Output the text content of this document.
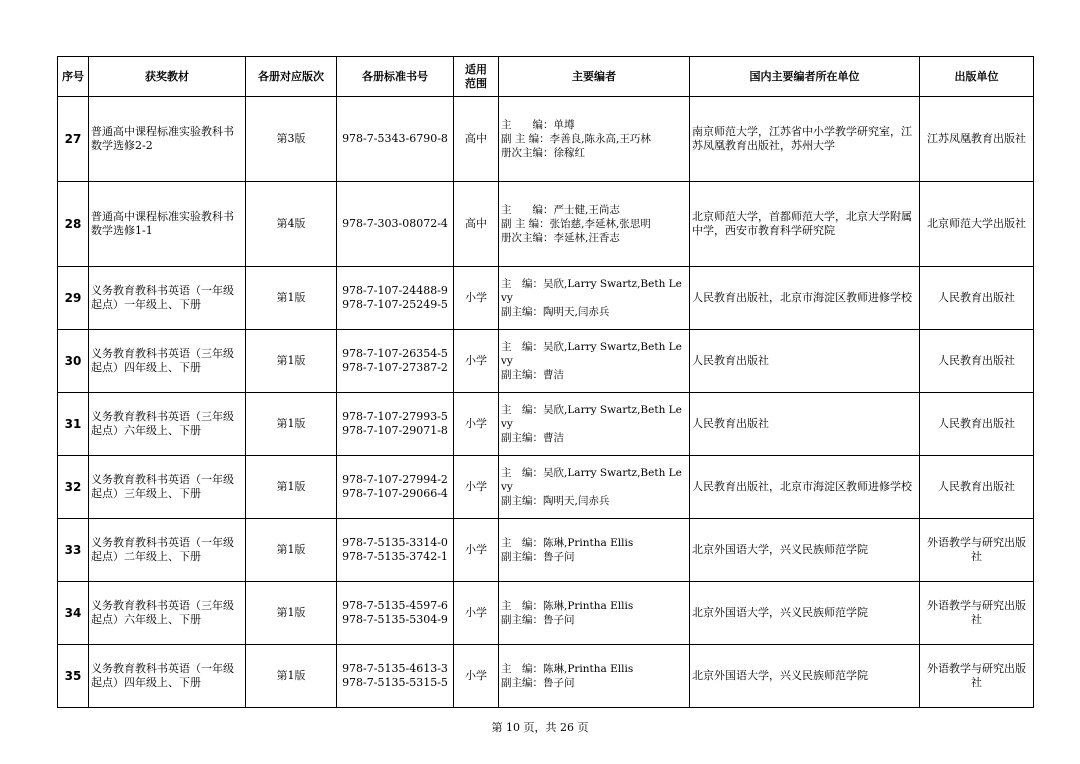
序号	获奖教材	各册对应版次	各册标准书号	适用范围	主要编者	国内主要编者所在单位	出版单位
27	普通高中课程标准实验教科书数学选修2-2	第3版	978-7-5343-6790-8	高中	主　　编：单墫
副 主 编：李善良,陈永高,王巧林
册次主编：徐稼红	南京师范大学，江苏省中小学教学研究室，江苏凤凰教育出版社，苏州大学	江苏凤凰教育出版社
28	普通高中课程标准实验教科书数学选修1-1	第4版	978-7-303-08072-4	高中	主　　编：严士健,王尚志
副 主 编：张饴慈,李延林,张思明
册次主编：李延林,汪香志	北京师范大学，首都师范大学，北京大学附属中学，西安市教育科学研究院	北京师范大学出版社
29	义务教育教科书英语（一年级起点）一年级上、下册	第1版	978-7-107-24488-9
978-7-107-25249-5	小学	主　编：吴欣,Larry Swartz,Beth Levy
副主编：陶明天,闫赤兵	人民教育出版社，北京市海淀区教师进修学校	人民教育出版社
30	义务教育教科书英语（三年级起点）四年级上、下册	第1版	978-7-107-26354-5
978-7-107-27387-2	小学	主　编：吴欣,Larry Swartz,Beth Levy
副主编：曹洁	人民教育出版社	人民教育出版社
31	义务教育教科书英语（三年级起点）六年级上、下册	第1版	978-7-107-27993-5
978-7-107-29071-8	小学	主　编：吴欣,Larry Swartz,Beth Levy
副主编：曹洁	人民教育出版社	人民教育出版社
32	义务教育教科书英语（一年级起点）三年级上、下册	第1版	978-7-107-27994-2
978-7-107-29066-4	小学	主　编：吴欣,Larry Swartz,Beth Levy
副主编：陶明天,闫赤兵	人民教育出版社，北京市海淀区教师进修学校	人民教育出版社
33	义务教育教科书英语（一年级起点）二年级上、下册	第1版	978-7-5135-3314-0
978-7-5135-3742-1	小学	主　编：陈琳,Printha Ellis
副主编：鲁子问	北京外国语大学，兴义民族师范学院	外语教学与研究出版社
34	义务教育教科书英语（三年级起点）六年级上、下册	第1版	978-7-5135-4597-6
978-7-5135-5304-9	小学	主　编：陈琳,Printha Ellis
副主编：鲁子问	北京外国语大学，兴义民族师范学院	外语教学与研究出版社
35	义务教育教科书英语（一年级起点）四年级上、下册	第1版	978-7-5135-4613-3
978-7-5135-5315-5	小学	主　编：陈琳,Printha Ellis
副主编：鲁子问	北京外国语大学，兴义民族师范学院	外语教学与研究出版社
第 10 页，共 26 页
